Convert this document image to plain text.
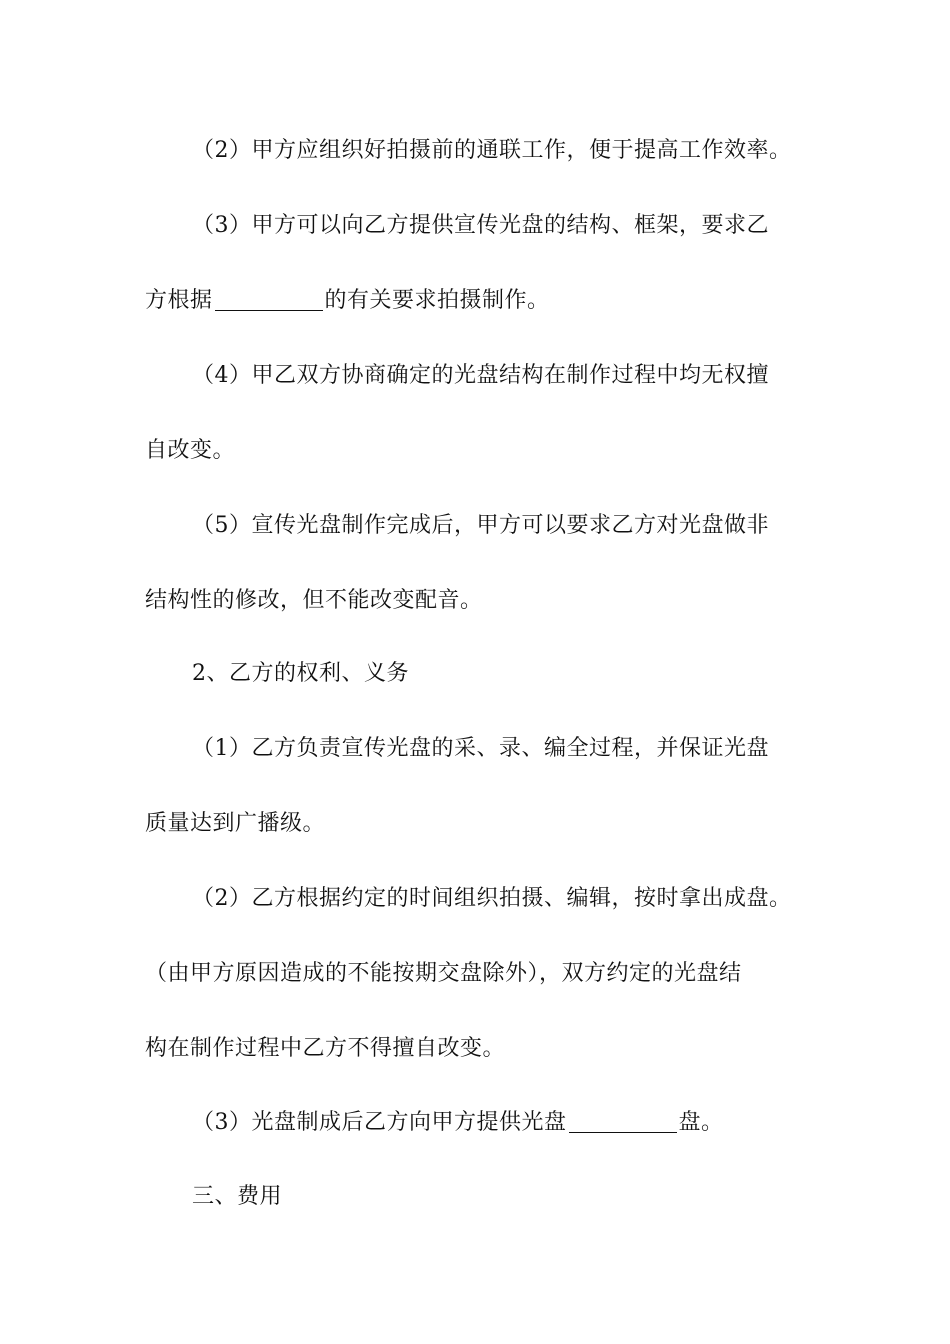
（2）甲方应组织好拍摄前的通联工作，便于提高工作效率。
（3）甲方可以向乙方提供宣传光盘的结构、框架，要求乙
方根据	的有关要求拍摄制作。
（4）甲乙双方协商确定的光盘结构在制作过程中均无权擅
自改变。
（5）宣传光盘制作完成后，甲方可以要求乙方对光盘做非
结构性的修改，但不能改变配音。
2、乙方的权利、义务
（1）乙方负责宣传光盘的采、录、编全过程，并保证光盘
质量达到广播级。
（2）乙方根据约定的时间组织拍摄、编辑，按时拿出成盘。
（由甲方原因造成的不能按期交盘除外），双方约定的光盘结
构在制作过程中乙方不得擅自改变。
（3）光盘制成后乙方向甲方提供光盘	盘。
三、费用
